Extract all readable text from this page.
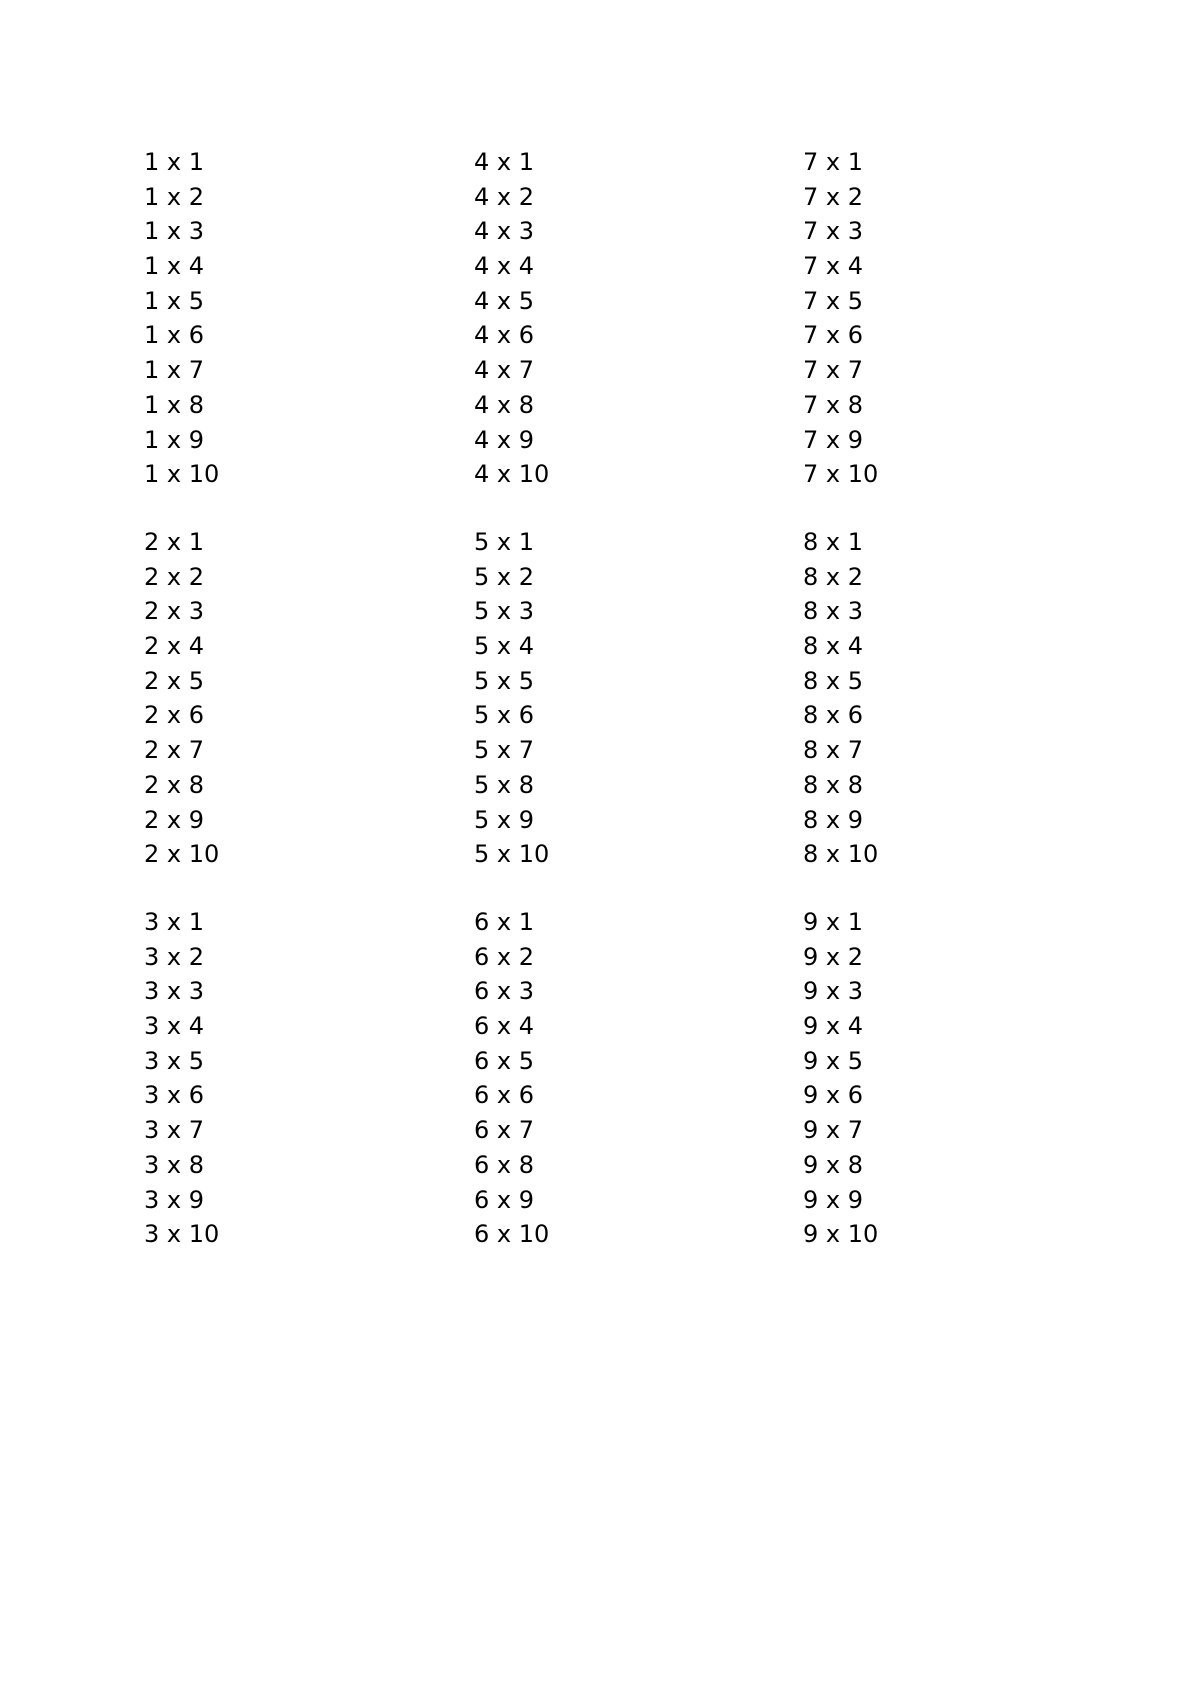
1 x 1
1 x 2
1 x 3
1 x 4
1 x 5
1 x 6
1 x 7
1 x 8
1 x 9
1 x 10
2 x 1
2 x 2
2 x 3
2 x 4
2 x 5
2 x 6
2 x 7
2 x 8
2 x 9
2 x 10
3 x 1
3 x 2
3 x 3
3 x 4
3 x 5
3 x 6
3 x 7
3 x 8
3 x 9
3 x 10
4 x 1
4 x 2
4 x 3
4 x 4
4 x 5
4 x 6
4 x 7
4 x 8
4 x 9
4 x 10
5 x 1
5 x 2
5 x 3
5 x 4
5 x 5
5 x 6
5 x 7
5 x 8
5 x 9
5 x 10
6 x 1
6 x 2
6 x 3
6 x 4
6 x 5
6 x 6
6 x 7
6 x 8
6 x 9
6 x 10
7 x 1
7 x 2
7 x 3
7 x 4
7 x 5
7 x 6
7 x 7
7 x 8
7 x 9
7 x 10
8 x 1
8 x 2
8 x 3
8 x 4
8 x 5
8 x 6
8 x 7
8 x 8
8 x 9
8 x 10
9 x 1
9 x 2
9 x 3
9 x 4
9 x 5
9 x 6
9 x 7
9 x 8
9 x 9
9 x 10
